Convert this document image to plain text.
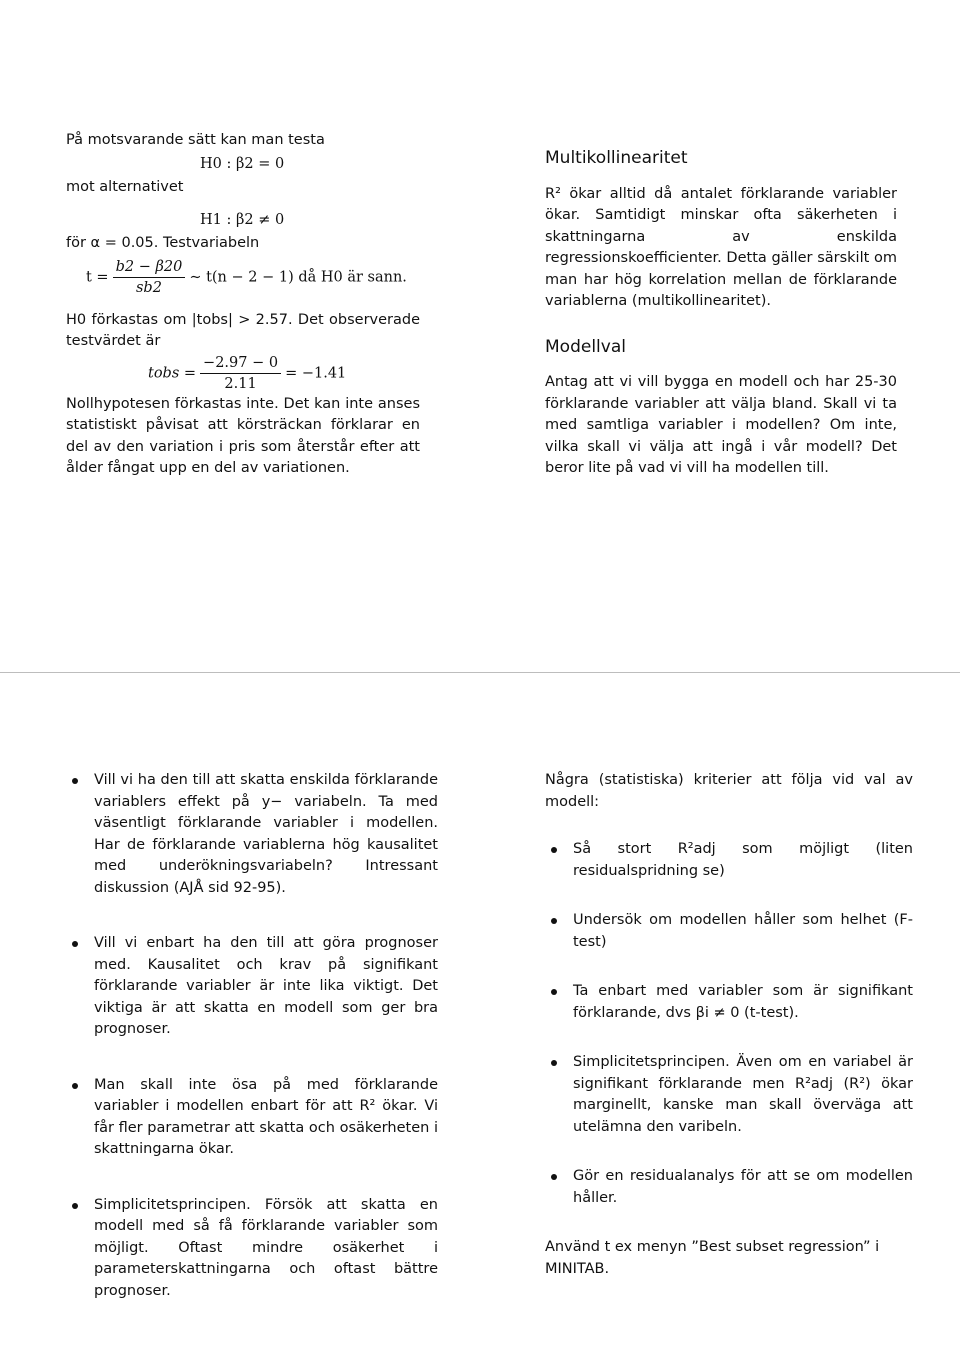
På motsvarande sätt kan man testa
H0 : β2 = 0
mot alternativet
H1 : β2 ≠ 0
för α = 0.05. Testvariabeln
$t = \frac{b2 - \beta 20}{sb2}$ ∼ t(n − 2 − 1) då H0 är sann.
H0 förkastas om |tobs| > 2.57. Det observerade testvärdet är
tobs = $\frac{-2.97 - 0}{2.11} = -1.41$
Nollhypotesen förkastas inte. Det kan inte anses statistiskt påvisat att körsträckan förklarar en del av den variation i pris som återstår efter att ålder fångat upp en del av variationen.
Multikollinearitet
R² ökar alltid då antalet förklarande variabler ökar. Samtidigt minskar ofta säkerheten i skattningarna av enskilda regressionskoefficienter. Detta gäller särskilt om man har hög korrelation mellan de förklarande variablerna (multikollinearitet).
Modellval
Antag att vi vill bygga en modell och har 25-30 förklarande variabler att välja bland. Skall vi ta med samtliga variabler i modellen? Om inte, vilka skall vi välja att ingå i vår modell? Det beror lite på vad vi vill ha modellen till.
Vill vi ha den till att skatta enskilda förklarande variablers effekt på y− variabeln. Ta med väsentligt förklarande variabler i modellen. Har de förklarande variablerna hög kausalitet med underökningsvariabeln? Intressant diskussion (AJÅ sid 92-95).
Vill vi enbart ha den till att göra prognoser med. Kausalitet och krav på signifikant förklarande variabler är inte lika viktigt. Det viktiga är att skatta en modell som ger bra prognoser.
Man skall inte ösa på med förklarande variabler i modellen enbart för att R² ökar. Vi får fler parametrar att skatta och osäkerheten i skattningarna ökar.
Simplicitetsprincipen. Försök att skatta en modell med så få förklarande variabler som möjligt. Oftast mindre osäkerhet i parameterskattningarna och oftast bättre prognoser.
Några (statistiska) kriterier att följa vid val av modell:
Så stort R²adj som möjligt (liten residualspridning se)
Undersök om modellen håller som helhet (F-test)
Ta enbart med variabler som är signifikant förklarande, dvs βi ≠ 0 (t-test).
Simplicitetsprincipen. Även om en variabel är signifikant förklarande men R²adj (R²) ökar marginellt, kanske man skall överväga att utelämna den varibeln.
Gör en residualanalys för att se om modellen håller.
Använd t ex menyn ”Best subset regression” i MINITAB.
